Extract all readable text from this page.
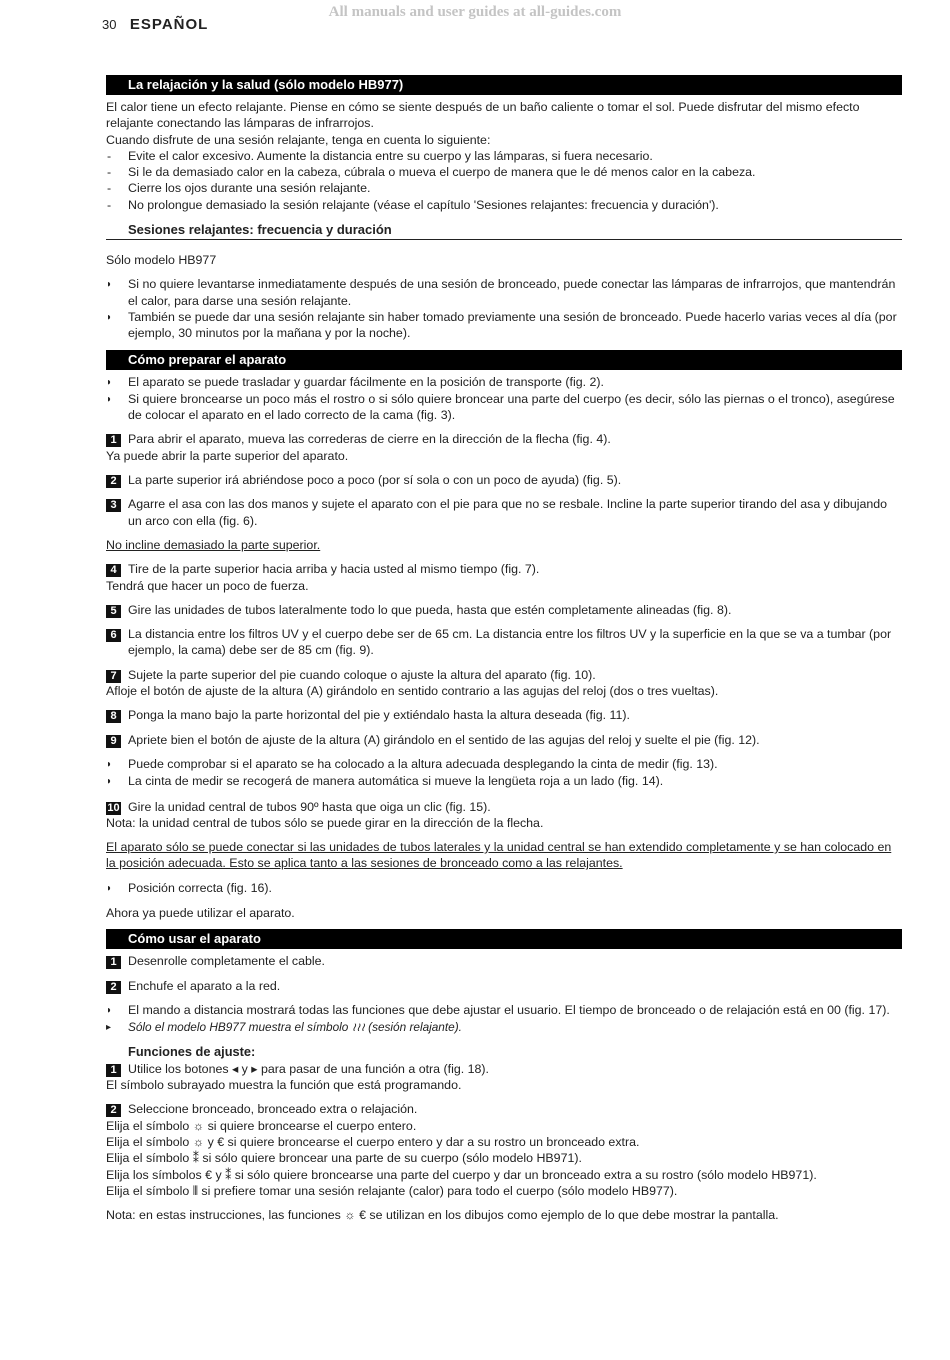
All manuals and user guides at all-guides.com
30 ESPAÑOL
La relajación y la salud (sólo modelo HB977)

El calor tiene un efecto relajante. Piense en cómo se siente después de un baño caliente o tomar el sol. Puede disfrutar del mismo efecto relajante conectando las lámparas de infrarrojos.

Cuando disfrute de una sesión relajante, tenga en cuenta lo siguiente:

-	Evite el calor excesivo. Aumente la distancia entre su cuerpo y las lámparas, si fuera necesario.
-	Si le da demasiado calor en la cabeza, cúbrala o mueva el cuerpo de manera que le dé menos calor en la cabeza.
-	Cierre los ojos durante una sesión relajante.
-	No prolongue demasiado la sesión relajante (véase el capítulo 'Sesiones relajantes: frecuencia y duración').
Sesiones relajantes: frecuencia y duración

Sólo modelo HB977

◗	Si no quiere levantarse inmediatamente después de una sesión de bronceado, puede conectar las lámparas de infrarrojos, que mantendrán el calor, para darse una sesión relajante.
◗	También se puede dar una sesión relajante sin haber tomado previamente una sesión de bronceado. Puede hacerlo varias veces al día (por ejemplo, 30 minutos por la mañana y por la noche).
Cómo preparar el aparato
◗	El aparato se puede trasladar y guardar fácilmente en la posición de transporte (fig. 2).
◗	Si quiere broncearse un poco más el rostro o si sólo quiere broncear una parte del cuerpo (es decir, sólo las piernas o el tronco), asegúrese de colocar el aparato en el lado correcto de la cama (fig. 3).
1 Para abrir el aparato, mueva las correderas de cierre en la dirección de la flecha (fig. 4).

Ya puede abrir la parte superior del aparato.

2 La parte superior irá abriéndose poco a poco (por sí sola o con un poco de ayuda) (fig. 5).
3 Agarre el asa con las dos manos y sujete el aparato con el pie para que no se resbale. Incline la parte superior tirando del asa y dibujando un arco con ella (fig. 6).

No incline demasiado la parte superior.

4 Tire de la parte superior hacia arriba y hacia usted al mismo tiempo (fig. 7).

Tendrá que hacer un poco de fuerza.

5 Gire las unidades de tubos lateralmente todo lo que pueda, hasta que estén completamente alineadas (fig. 8).
6 La distancia entre los filtros UV y el cuerpo debe ser de 65 cm. La distancia entre los filtros UV y la superficie en la que se va a tumbar (por ejemplo, la cama) debe ser de 85 cm (fig. 9).
7 Sujete la parte superior del pie cuando coloque o ajuste la altura del aparato (fig. 10).

Afloje el botón de ajuste de la altura (A) girándolo en sentido contrario a las agujas del reloj (dos o tres vueltas).

8 Ponga la mano bajo la parte horizontal del pie y extiéndalo hasta la altura deseada (fig. 11).
9 Apriete bien el botón de ajuste de la altura (A) girándolo en el sentido de las agujas del reloj y suelte el pie (fig. 12).
◗	Puede comprobar si el aparato se ha colocado a la altura adecuada desplegando la cinta de medir (fig. 13).
◗	La cinta de medir se recogerá de manera automática si mueve la lengüeta roja a un lado (fig. 14).
10 Gire la unidad central de tubos 90º hasta que oiga un clic (fig. 15).

Nota: la unidad central de tubos sólo se puede girar en la dirección de la flecha.

El aparato sólo se puede conectar si las unidades de tubos laterales y la unidad central se han extendido completamente y se han colocado en la posición adecuada. Esto se aplica tanto a las sesiones de bronceado como a las relajantes.

◗	Posición correcta (fig. 16).

Ahora ya puede utilizar el aparato.

Cómo usar el aparato
1 Desenrolle completamente el cable.
2 Enchufe el aparato a la red.
◗	El mando a distancia mostrará todas las funciones que debe ajustar el usuario. El tiempo de bronceado o de relajación está en 00 (fig. 17).
▸	Sólo el modelo HB977 muestra el símbolo ≀≀≀ (sesión relajante).

Funciones de ajuste:

1 Utilice los botones ◂ y ▸ para pasar de una función a otra (fig. 18).

El símbolo subrayado muestra la función que está programando.

2 Seleccione bronceado, bronceado extra o relajación.

Elija el símbolo ☼ si quiere broncearse el cuerpo entero.

Elija el símbolo ☼ y € si quiere broncearse el cuerpo entero y dar a su rostro un bronceado extra.

Elija el símbolo ⁑ si sólo quiere broncear una parte de su cuerpo (sólo modelo HB971).

Elija los símbolos € y ⁑ si sólo quiere broncearse una parte del cuerpo y dar un bronceado extra a su rostro (sólo modelo HB971).

Elija el símbolo ⫴ si prefiere tomar una sesión relajante (calor) para todo el cuerpo (sólo modelo HB977).

Nota: en estas instrucciones, las funciones ☼ € se utilizan en los dibujos como ejemplo de lo que debe mostrar la pantalla.
